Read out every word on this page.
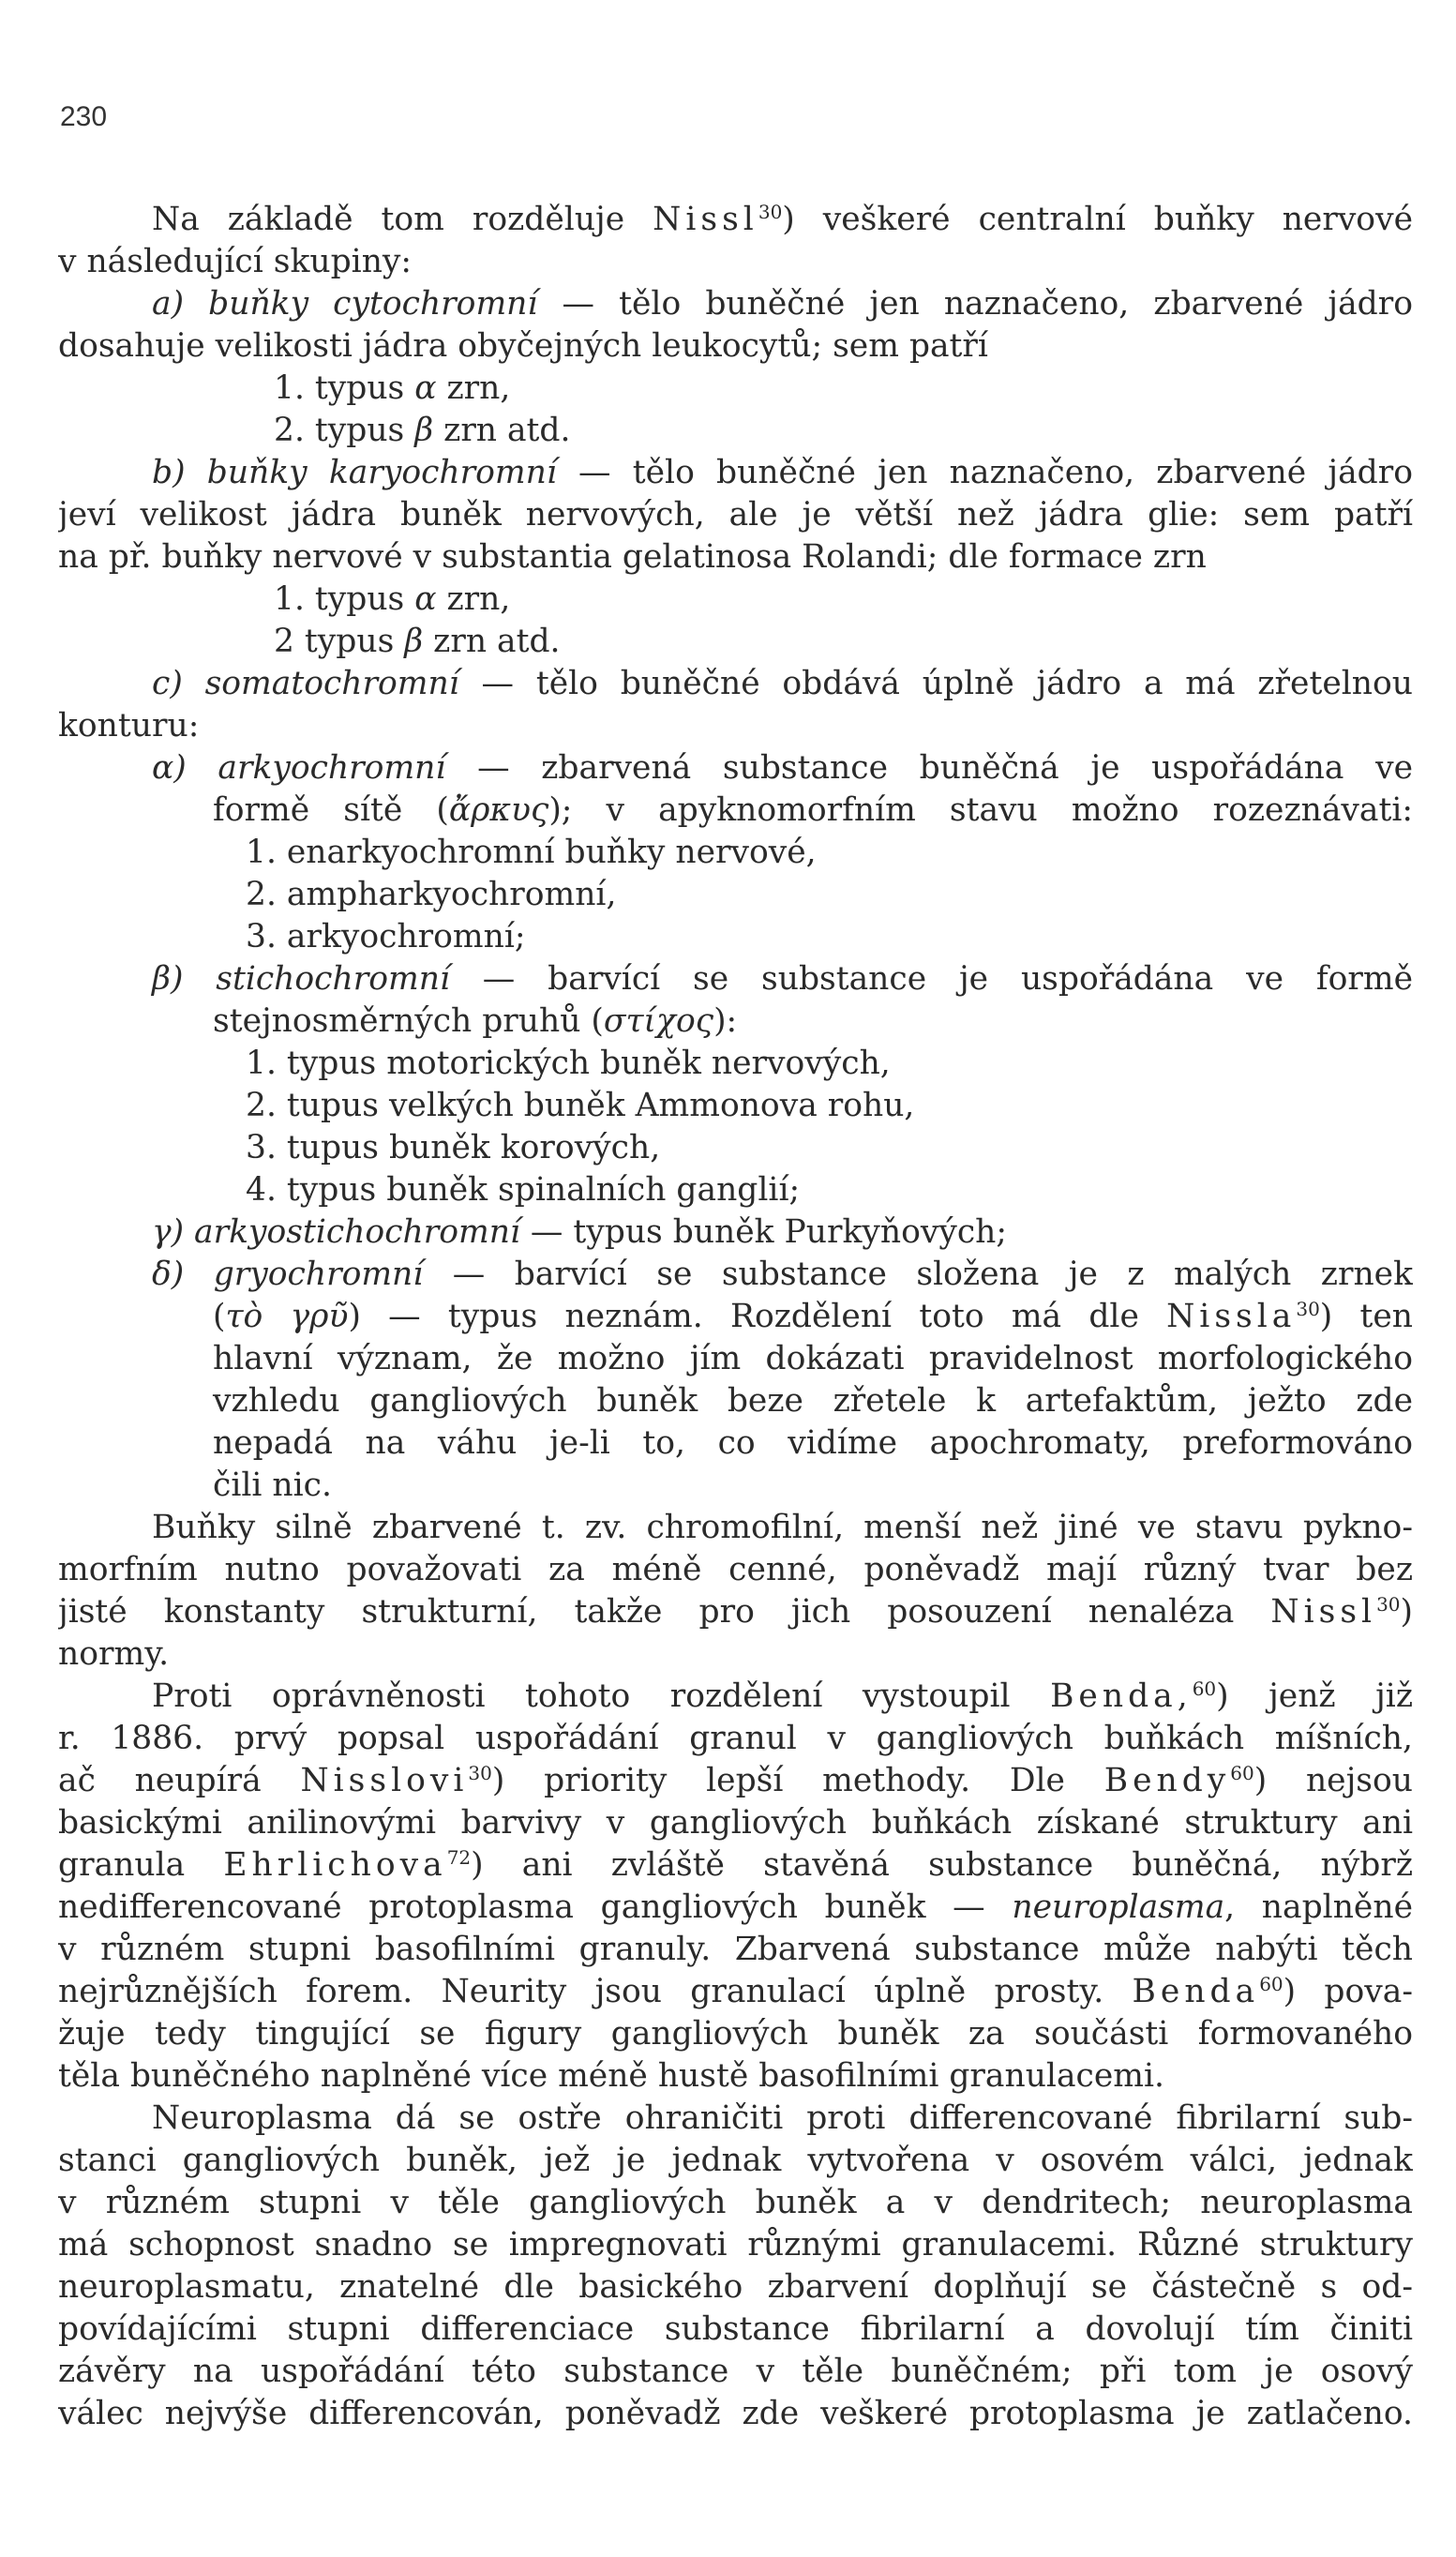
230
Na základě tom rozděluje Nissl$^{30}$) veškeré centralní buňky nervové
v následující skupiny:
a) buňky cytochromní — tělo buněčné jen naznačeno, zbarvené jádro
dosahuje velikosti jádra obyčejných leukocytů; sem patří
1. typus α zrn,
2. typus β zrn atd.
b) buňky karyochromní — tělo buněčné jen naznačeno, zbarvené jádro
jeví velikost jádra buněk nervových, ale je větší než jádra glie: sem patří
na př. buňky nervové v substantia gelatinosa Rolandi; dle formace zrn
1. typus α zrn,
2 typus β zrn atd.
c) somatochromní — tělo buněčné obdává úplně jádro a má zřetelnou
konturu:
α) arkyochromní — zbarvená substance buněčná je uspořádána ve
formě sítě (ἄρκυς); v apyknomorfním stavu možno rozeznávati:
1. enarkyochromní buňky nervové,
2. ampharkyochromní,
3. arkyochromní;
β) stichochromní — barvící se substance je uspořádána ve formě
stejnosměrných pruhů (στίχος):
1. typus motorických buněk nervových,
2. tupus velkých buněk Ammonova rohu,
3. tupus buněk korových,
4. typus buněk spinalních ganglií;
γ) arkyostichochromní — typus buněk Purkyňových;
δ) gryochromní — barvící se substance složena je z malých zrnek
(τὸ γρῦ) — typus neznám. Rozdělení toto má dle Nissla$^{30}$) ten
hlavní význam, že možno jím dokázati pravidelnost morfologického
vzhledu gangliových buněk beze zřetele k artefaktům, ježto zde
nepadá na váhu je-li to, co vidíme apochromaty, preformováno
čili nic.
Buňky silně zbarvené t. zv. chromofilní, menší než jiné ve stavu pykno-
morfním nutno považovati za méně cenné, poněvadž mají různý tvar bez
jisté konstanty strukturní, takže pro jich posouzení nenaléza Nissl$^{30}$)
normy.
Proti oprávněnosti tohoto rozdělení vystoupil Benda,$^{60}$) jenž již
r. 1886. prvý popsal uspořádání granul v gangliových buňkách míšních,
ač neupírá Nisslovi$^{30}$) priority lepší methody. Dle Bendy$^{60}$) nejsou
basickými anilinovými barvivy v gangliových buňkách získané struktury ani
granula Ehrlichova$^{72}$) ani zvláště stavěná substance buněčná, nýbrž
nedifferencované protoplasma gangliových buněk — neuroplasma, naplněné
v různém stupni basofilními granuly. Zbarvená substance může nabýti těch
nejrůznějších forem. Neurity jsou granulací úplně prosty. Benda$^{60}$) pova-
žuje tedy tingující se figury gangliových buněk za součásti formovaného
těla buněčného naplněné více méně hustě basofilními granulacemi.
Neuroplasma dá se ostře ohraničiti proti differencované fibrilarní sub-
stanci gangliových buněk, jež je jednak vytvořena v osovém válci, jednak
v různém stupni v těle gangliových buněk a v dendritech; neuroplasma
má schopnost snadno se impregnovati různými granulacemi. Různé struktury
neuroplasmatu, znatelné dle basického zbarvení doplňují se částečně s od-
povídajícími stupni differenciace substance fibrilarní a dovolují tím činiti
závěry na uspořádání této substance v těle buněčném; při tom je osový
válec nejvýše differencován, poněvadž zde veškeré protoplasma je zatlačeno.
